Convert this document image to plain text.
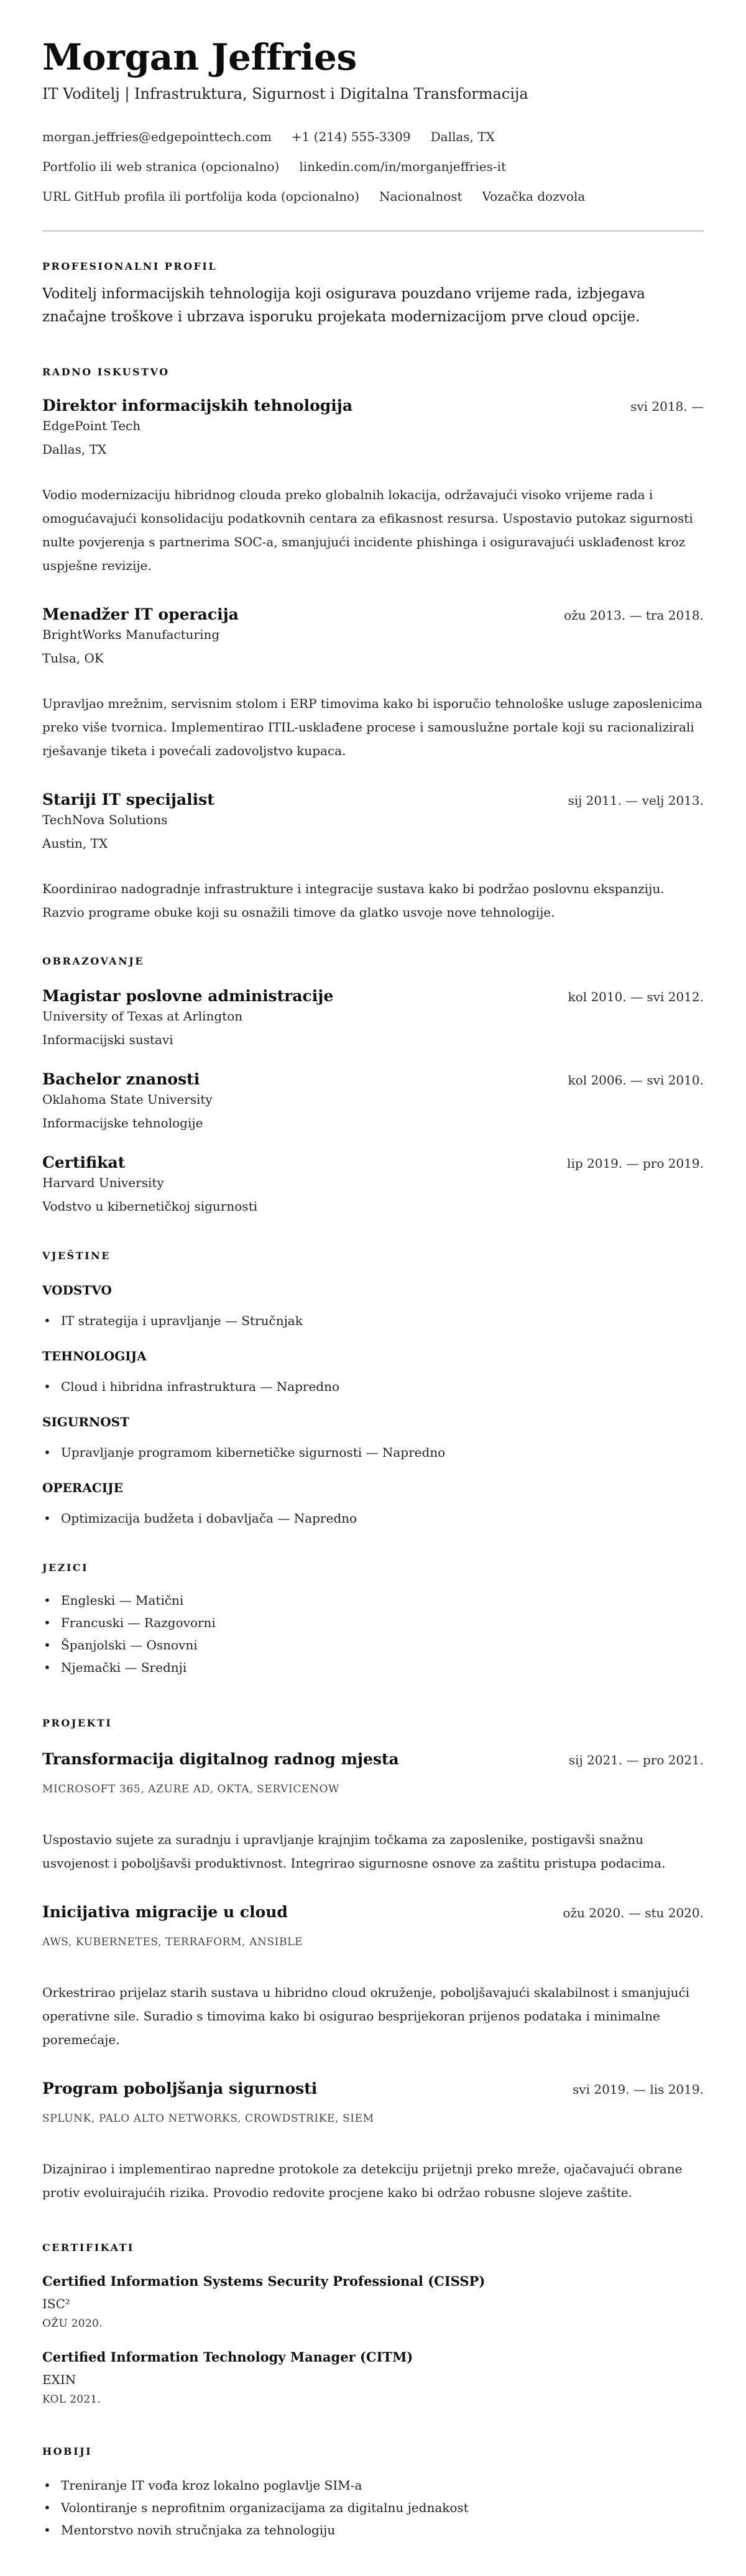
Morgan Jeffries
IT Voditelj | Infrastruktura, Sigurnost i Digitalna Transformacija
morgan.jeffries@edgepointtech.com +1 (214) 555-3309 Dallas, TX
Portfolio ili web stranica (opcionalno) linkedin.com/in/morganjeffries-it
URL GitHub profila ili portfolija koda (opcionalno) Nacionalnost Vozačka dozvola
PROFESIONALNI PROFIL

Voditelj informacijskih tehnologija koji osigurava pouzdano vrijeme rada, izbjegava značajne troškove i ubrzava isporuku projekata modernizacijom prve cloud opcije.

RADNO ISKUSTVO
Direktor informacijskih tehnologija	svi 2018. —
EdgePoint Tech
Dallas, TX

Vodio modernizaciju hibridnog clouda preko globalnih lokacija, održavajući visoko vrijeme rada i omogućavajući konsolidaciju podatkovnih centara za efikasnost resursa. Uspostavio putokaz sigurnosti nulte povjerenja s partnerima SOC-a, smanjujući incidente phishinga i osiguravajući usklađenost kroz uspješne revizije.

Menadžer IT operacija	ožu 2013. — tra 2018.
BrightWorks Manufacturing
Tulsa, OK

Upravljao mrežnim, servisnim stolom i ERP timovima kako bi isporučio tehnološke usluge zaposlenicima preko više tvornica. Implementirao ITIL-usklađene procese i samouslužne portale koji su racionalizirali rješavanje tiketa i povećali zadovoljstvo kupaca.

Stariji IT specijalist	sij 2011. — velj 2013.
TechNova Solutions
Austin, TX

Koordinirao nadogradnje infrastrukture i integracije sustava kako bi podržao poslovnu ekspanziju. Razvio programe obuke koji su osnažili timove da glatko usvoje nove tehnologije.

OBRAZOVANJE
Magistar poslovne administracije	kol 2010. — svi 2012.
University of Texas at Arlington
Informacijski sustavi
Bachelor znanosti	kol 2006. — svi 2010.
Oklahoma State University
Informacijske tehnologije
Certifikat	lip 2019. — pro 2019.
Harvard University
Vodstvo u kibernetičkoj sigurnosti
VJEŠTINE
VODSTVO
• IT strategija i upravljanje — Stručnjak
TEHNOLOGIJA
• Cloud i hibridna infrastruktura — Napredno
SIGURNOST
• Upravljanje programom kibernetičke sigurnosti — Napredno
OPERACIJE
• Optimizacija budžeta i dobavljača — Napredno
JEZICI
• Engleski — Matični
• Francuski — Razgovorni
• Španjolski — Osnovni
• Njemački — Srednji
PROJEKTI
Transformacija digitalnog radnog mjesta	sij 2021. — pro 2021.
MICROSOFT 365, AZURE AD, OKTA, SERVICENOW

Uspostavio sujete za suradnju i upravljanje krajnjim točkama za zaposlenike, postigavši snažnu usvojenost i poboljšavši produktivnost. Integrirao sigurnosne osnove za zaštitu pristupa podacima.

Inicijativa migracije u cloud	ožu 2020. — stu 2020.
AWS, KUBERNETES, TERRAFORM, ANSIBLE

Orkestrirao prijelaz starih sustava u hibridno cloud okruženje, poboljšavajući skalabilnost i smanjujući operativne sile. Suradio s timovima kako bi osigurao besprijekoran prijenos podataka i minimalne poremećaje.

Program poboljšanja sigurnosti	svi 2019. — lis 2019.
SPLUNK, PALO ALTO NETWORKS, CROWDSTRIKE, SIEM

Dizajnirao i implementirao napredne protokole za detekciju prijetnji preko mreže, ojačavajući obrane protiv evoluirajućih rizika. Provodio redovite procjene kako bi održao robusne slojeve zaštite.

CERTIFIKATI
Certified Information Systems Security Professional (CISSP)
ISC²
OŽU 2020.
Certified Information Technology Manager (CITM)
EXIN
KOL 2021.
HOBIJI
• Treniranje IT vođa kroz lokalno poglavlje SIM-a
• Volontiranje s neprofitnim organizacijama za digitalnu jednakost
• Mentorstvo novih stručnjaka za tehnologiju
